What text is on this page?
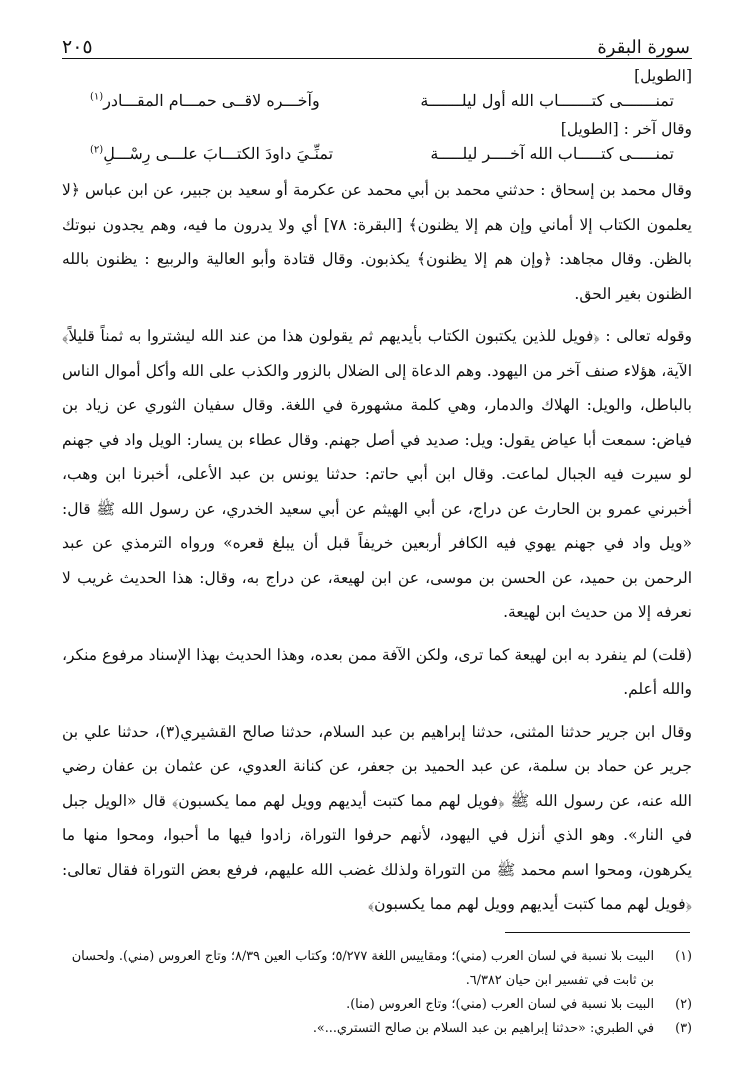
سورة البقرة
٢٠٥
[الطويل]
تمنـــــــى كتـــــــاب الله أول ليلـــــــة
وآخـــره لاقــى حمـــام المقـــادر$^{(١)}$
وقال آخر : [الطويل]
تمنـــــى كتـــــاب الله آخــــر ليلـــــة
تمنِّـيَ داودَ الكتـــابَ علـــى رِسْـــلِ$^{(٢)}$

وقال محمد بن إسحاق : حدثني محمد بن أبي محمد عن عكرمة أو سعيد بن جبير، عن ابن عباس ﴿لا يعلمون الكتاب إلا أماني وإن هم إلا يظنون﴾ [البقرة: ٧٨] أي ولا يدرون ما فيه، وهم يجدون نبوتك بالظن. وقال مجاهد: ﴿وإن هم إلا يظنون﴾ يكذبون. وقال قتادة وأبو العالية والربيع : يظنون بالله الظنون بغير الحق.

وقوله تعالى : ﴿فويل للذين يكتبون الكتاب بأيديهم ثم يقولون هذا من عند الله ليشتروا به ثمناً قليلاً﴾ الآية، هؤلاء صنف آخر من اليهود. وهم الدعاة إلى الضلال بالزور والكذب على الله وأكل أموال الناس بالباطل، والويل: الهلاك والدمار، وهي كلمة مشهورة في اللغة. وقال سفيان الثوري عن زياد بن فياض: سمعت أبا عياض يقول: ويل: صديد في أصل جهنم. وقال عطاء بن يسار: الويل واد في جهنم لو سيرت فيه الجبال لماعت. وقال ابن أبي حاتم: حدثنا يونس بن عبد الأعلى، أخبرنا ابن وهب، أخبرني عمرو بن الحارث عن دراج، عن أبي الهيثم عن أبي سعيد الخدري، عن رسول الله ﷺ قال: «ويل واد في جهنم يهوي فيه الكافر أربعين خريفاً قبل أن يبلغ قعره» ورواه الترمذي عن عبد الرحمن بن حميد، عن الحسن بن موسى، عن ابن لهيعة، عن دراج به، وقال: هذا الحديث غريب لا نعرفه إلا من حديث ابن لهيعة.

(قلت) لم ينفرد به ابن لهيعة كما ترى، ولكن الآفة ممن بعده، وهذا الحديث بهذا الإسناد مرفوع منكر، والله أعلم.

وقال ابن جرير حدثنا المثنى، حدثنا إبراهيم بن عبد السلام، حدثنا صالح القشيري(٣)، حدثنا علي بن جرير عن حماد بن سلمة، عن عبد الحميد بن جعفر، عن كنانة العدوي، عن عثمان بن عفان رضي الله عنه، عن رسول الله ﷺ ﴿فويل لهم مما كتبت أيديهم وويل لهم مما يكسبون﴾ قال «الويل جبل في النار». وهو الذي أنزل في اليهود، لأنهم حرفوا التوراة، زادوا فيها ما أحبوا، ومحوا منها ما يكرهون، ومحوا اسم محمد ﷺ من التوراة ولذلك غضب الله عليهم، فرفع بعض التوراة فقال تعالى: ﴿فويل لهم مما كتبت أيديهم وويل لهم مما يكسبون﴾

(١)
البيت بلا نسبة في لسان العرب (مني)؛ ومقاييس اللغة ٥/٢٧٧؛ وكتاب العين ٨/٣٩؛ وتاج العروس (مني). ولحسان بن ثابت في تفسير ابن حيان ٦/٣٨٢.
(٢)
البيت بلا نسبة في لسان العرب (مني)؛ وتاج العروس (منا).
(٣)
في الطبري: «حدثنا إبراهيم بن عبد السلام بن صالح التستري...».
